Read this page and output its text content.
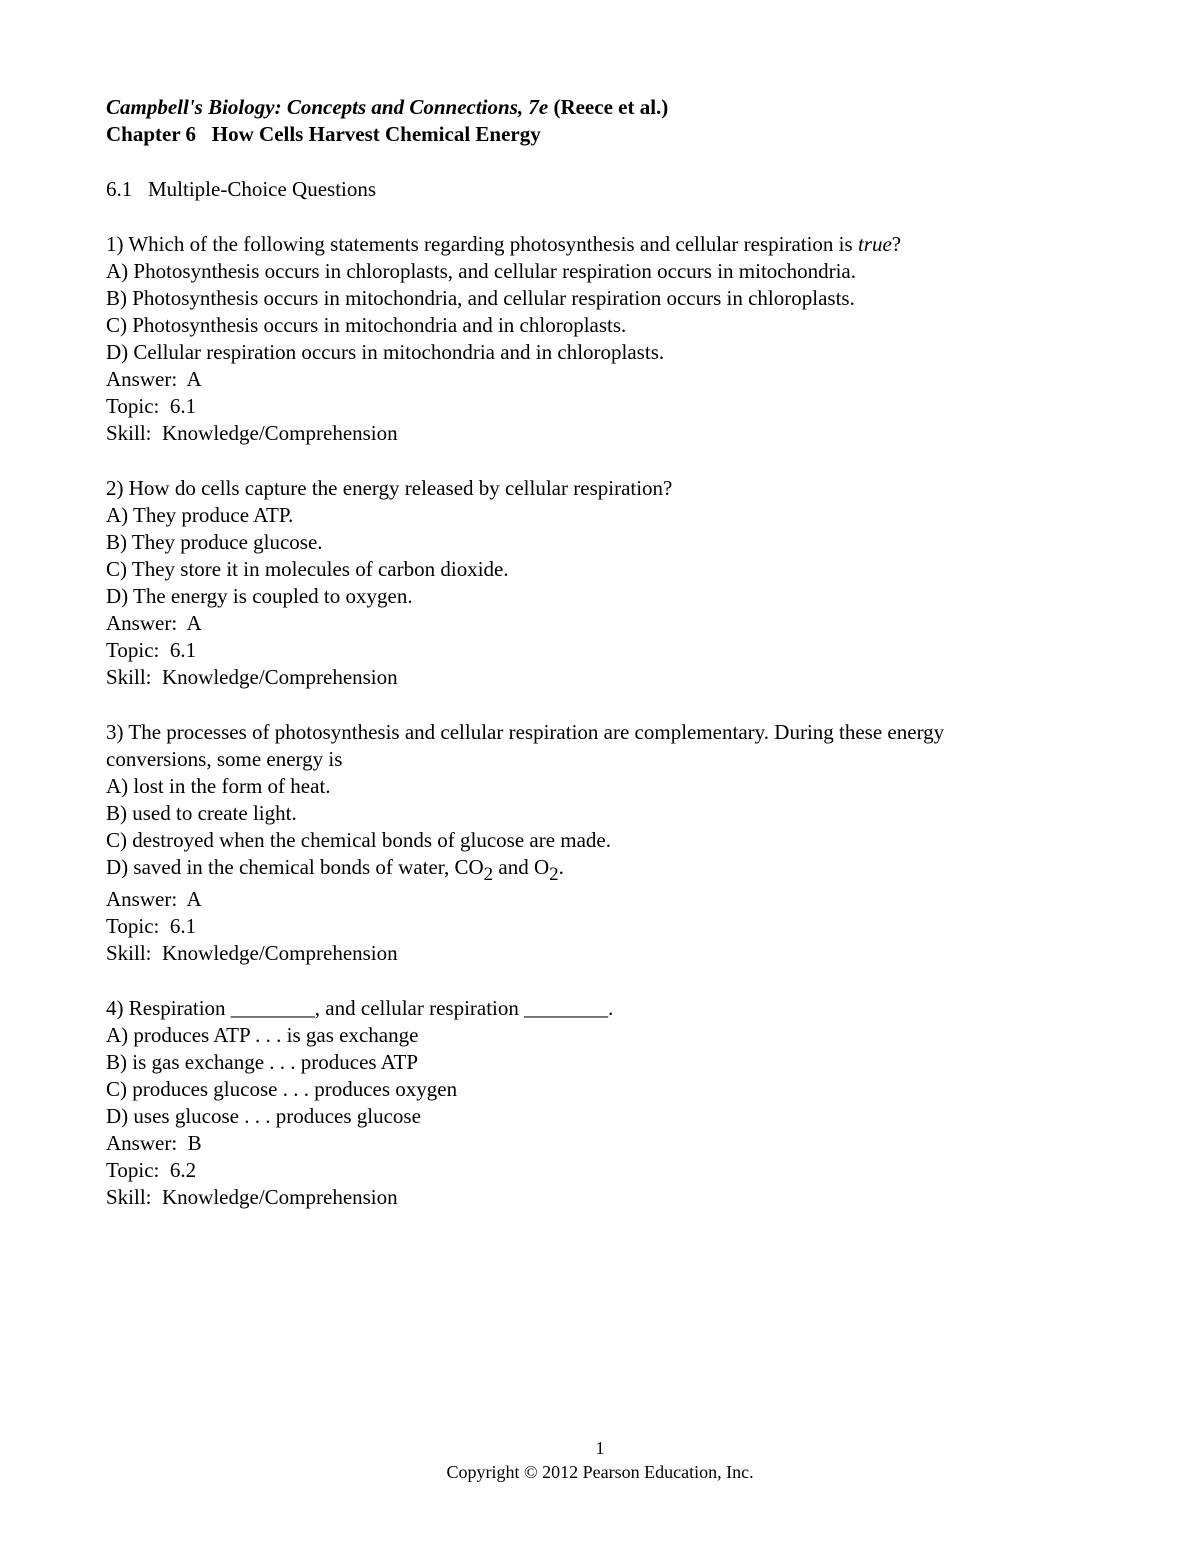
Campbell's Biology: Concepts and Connections, 7e (Reece et al.)
Chapter 6   How Cells Harvest Chemical Energy
6.1   Multiple-Choice Questions
1) Which of the following statements regarding photosynthesis and cellular respiration is true?
A) Photosynthesis occurs in chloroplasts, and cellular respiration occurs in mitochondria.
B) Photosynthesis occurs in mitochondria, and cellular respiration occurs in chloroplasts.
C) Photosynthesis occurs in mitochondria and in chloroplasts.
D) Cellular respiration occurs in mitochondria and in chloroplasts.
Answer:  A
Topic:  6.1
Skill:  Knowledge/Comprehension
2) How do cells capture the energy released by cellular respiration?
A) They produce ATP.
B) They produce glucose.
C) They store it in molecules of carbon dioxide.
D) The energy is coupled to oxygen.
Answer:  A
Topic:  6.1
Skill:  Knowledge/Comprehension
3) The processes of photosynthesis and cellular respiration are complementary. During these energy
conversions, some energy is
A) lost in the form of heat.
B) used to create light.
C) destroyed when the chemical bonds of glucose are made.
D) saved in the chemical bonds of water, $CO_2$ and $O_2$.
Answer:  A
Topic:  6.1
Skill:  Knowledge/Comprehension
4) Respiration ________, and cellular respiration ________.
A) produces ATP . . . is gas exchange
B) is gas exchange . . . produces ATP
C) produces glucose . . . produces oxygen
D) uses glucose . . . produces glucose
Answer:  B
Topic:  6.2
Skill:  Knowledge/Comprehension
1
Copyright © 2012 Pearson Education, Inc.
